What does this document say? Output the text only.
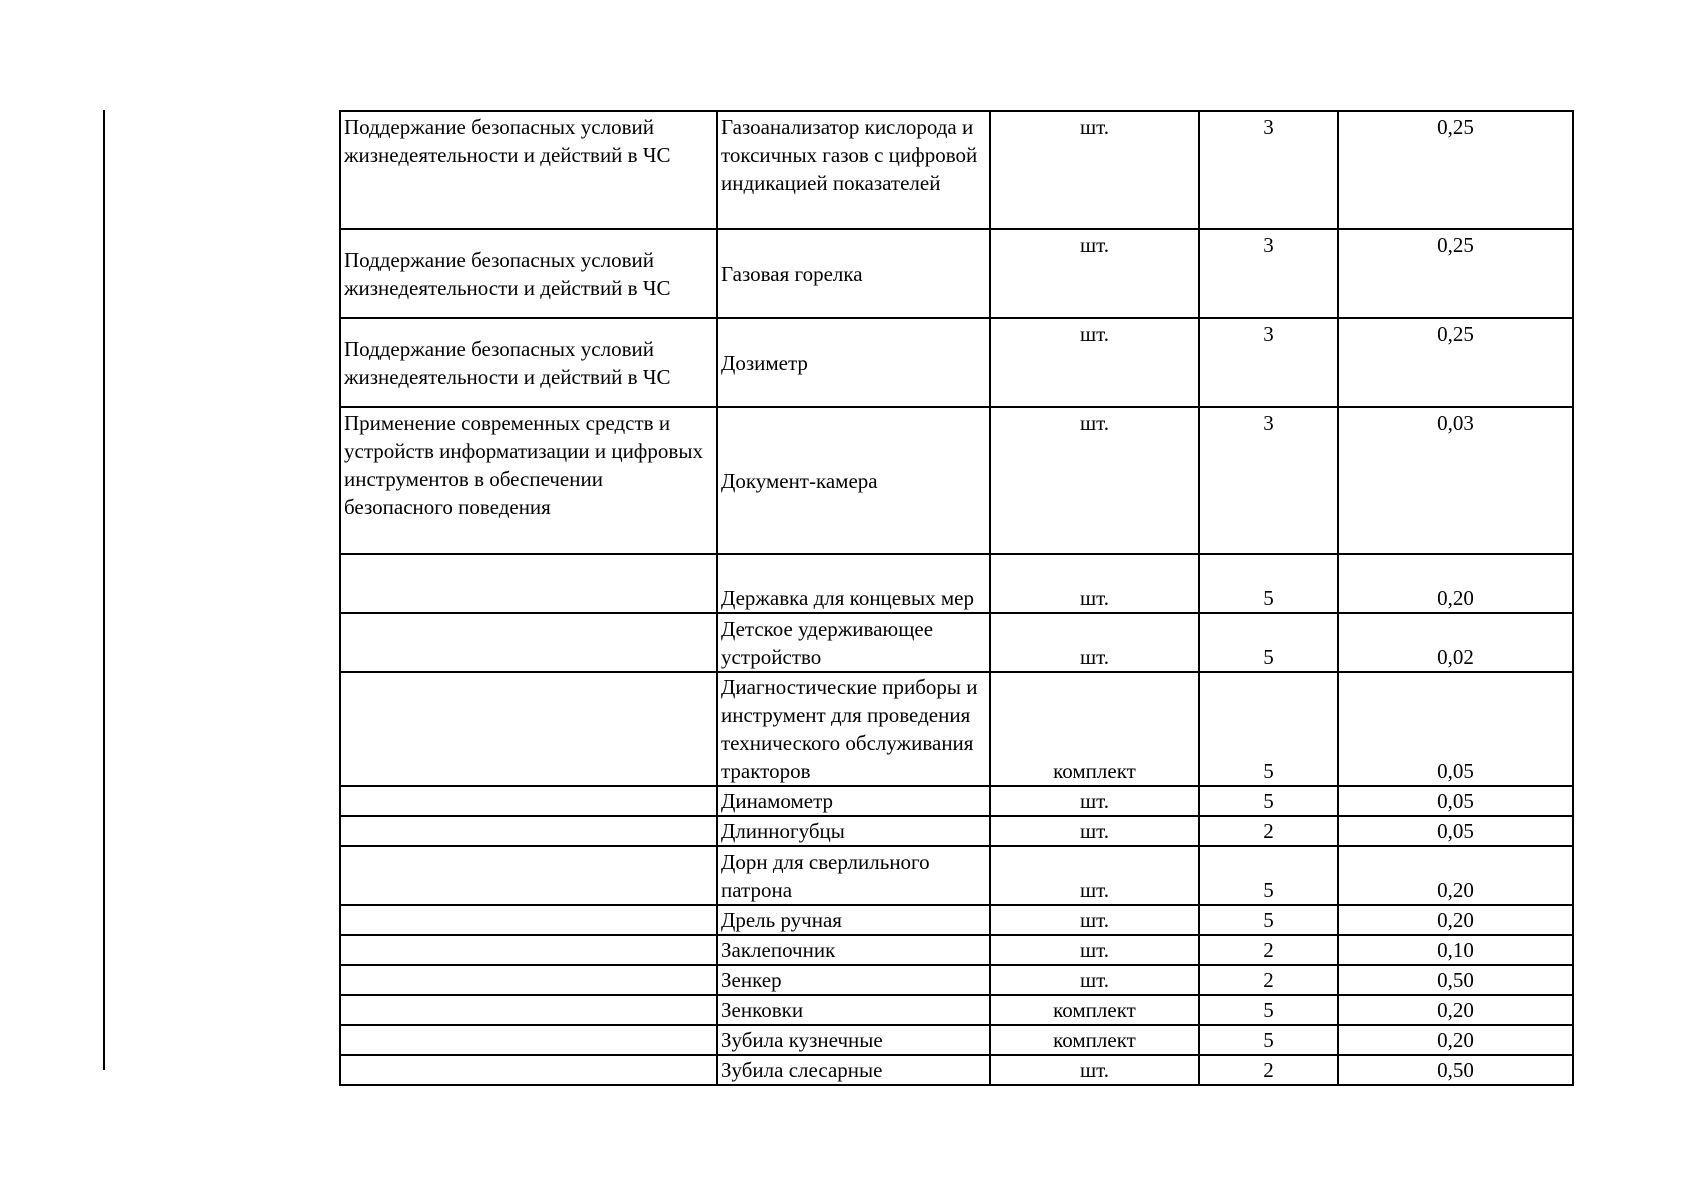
Поддержание безопасных условий жизнедеятельности и действий в ЧС	Газоанализатор кислорода и токсичных газов с цифровой индикацией показателей	шт.	3	0,25
Поддержание безопасных условий жизнедеятельности и действий в ЧС	Газовая горелка	шт.	3	0,25
Поддержание безопасных условий жизнедеятельности и действий в ЧС	Дозиметр	шт.	3	0,25
Применение современных средств и устройств информатизации и цифровых инструментов в обеспечении безопасного поведения	Документ-камера	шт.	3	0,03
	Державка для концевых мер	шт.	5	0,20
	Детское удерживающее устройство	шт.	5	0,02
	Диагностические приборы и инструмент для проведения технического обслуживания тракторов	комплект	5	0,05
	Динамометр	шт.	5	0,05
	Длинногубцы	шт.	2	0,05
	Дорн для сверлильного патрона	шт.	5	0,20
	Дрель ручная	шт.	5	0,20
	Заклепочник	шт.	2	0,10
	Зенкер	шт.	2	0,50
	Зенковки	комплект	5	0,20
	Зубила кузнечные	комплект	5	0,20
	Зубила слесарные	шт.	2	0,50
